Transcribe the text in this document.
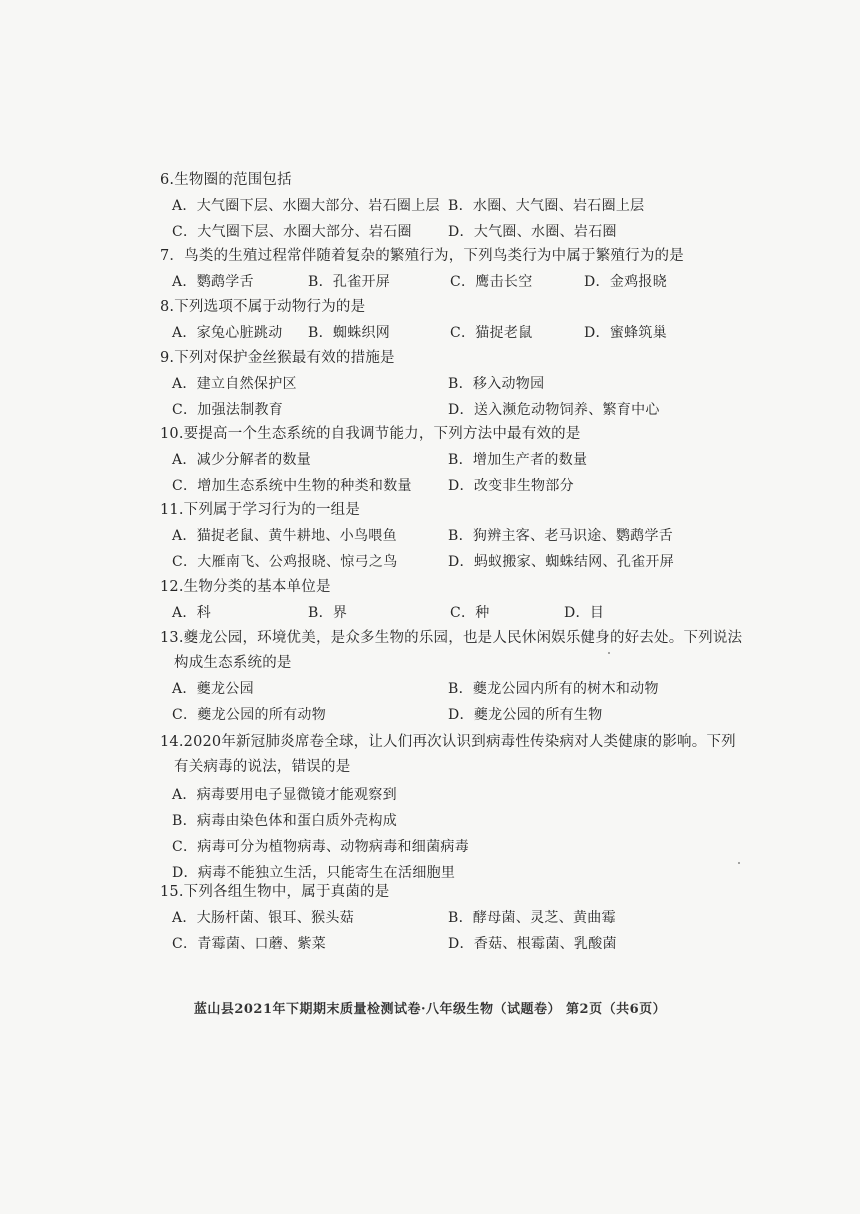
6.生物圈的范围包括
A．大气圈下层、水圈大部分、岩石圈上层 B．水圈、大气圈、岩石圈上层
C．大气圈下层、水圈大部分、岩石圈	D．大气圈、水圈、岩石圈
7．鸟类的生殖过程常伴随着复杂的繁殖行为，下列鸟类行为中属于繁殖行为的是
A．鹦鹉学舌	B．孔雀开屏	C．鹰击长空	D．金鸡报晓
8.下列选项不属于动物行为的是
A．家兔心脏跳动 B．蜘蛛织网	C．猫捉老鼠	D．蜜蜂筑巢
9.下列对保护金丝猴最有效的措施是
A．建立自然保护区	B．移入动物园
C．加强法制教育	D．送入濒危动物饲养、繁育中心
10.要提高一个生态系统的自我调节能力，下列方法中最有效的是
A．减少分解者的数量	B．增加生产者的数量
C．增加生态系统中生物的种类和数量	D．改变非生物部分
11.下列属于学习行为的一组是
A．猫捉老鼠、黄牛耕地、小鸟喂鱼	B．狗辨主客、老马识途、鹦鹉学舌
C．大雁南飞、公鸡报晓、惊弓之鸟	D．蚂蚁搬家、蜘蛛结网、孔雀开屏
12.生物分类的基本单位是
A．科	B．界	C．种	D．目
13.夔龙公园，环境优美，是众多生物的乐园，也是人民休闲娱乐健身的好去处。下列说法
构成生态系统的是
A．夔龙公园	B．夔龙公园内所有的树木和动物
C．夔龙公园的所有动物	D．夔龙公园的所有生物
14.2020年新冠肺炎席卷全球，让人们再次认识到病毒性传染病对人类健康的影响。下列
有关病毒的说法，错误的是
A．病毒要用电子显微镜才能观察到
B．病毒由染色体和蛋白质外壳构成
C．病毒可分为植物病毒、动物病毒和细菌病毒
D．病毒不能独立生活，只能寄生在活细胞里
15.下列各组生物中，属于真菌的是
A．大肠杆菌、银耳、猴头菇	B．酵母菌、灵芝、黄曲霉
C．青霉菌、口蘑、紫菜	D．香菇、根霉菌、乳酸菌
蓝山县2021年下期期末质量检测试卷·八年级生物（试题卷） 第2页（共6页）
